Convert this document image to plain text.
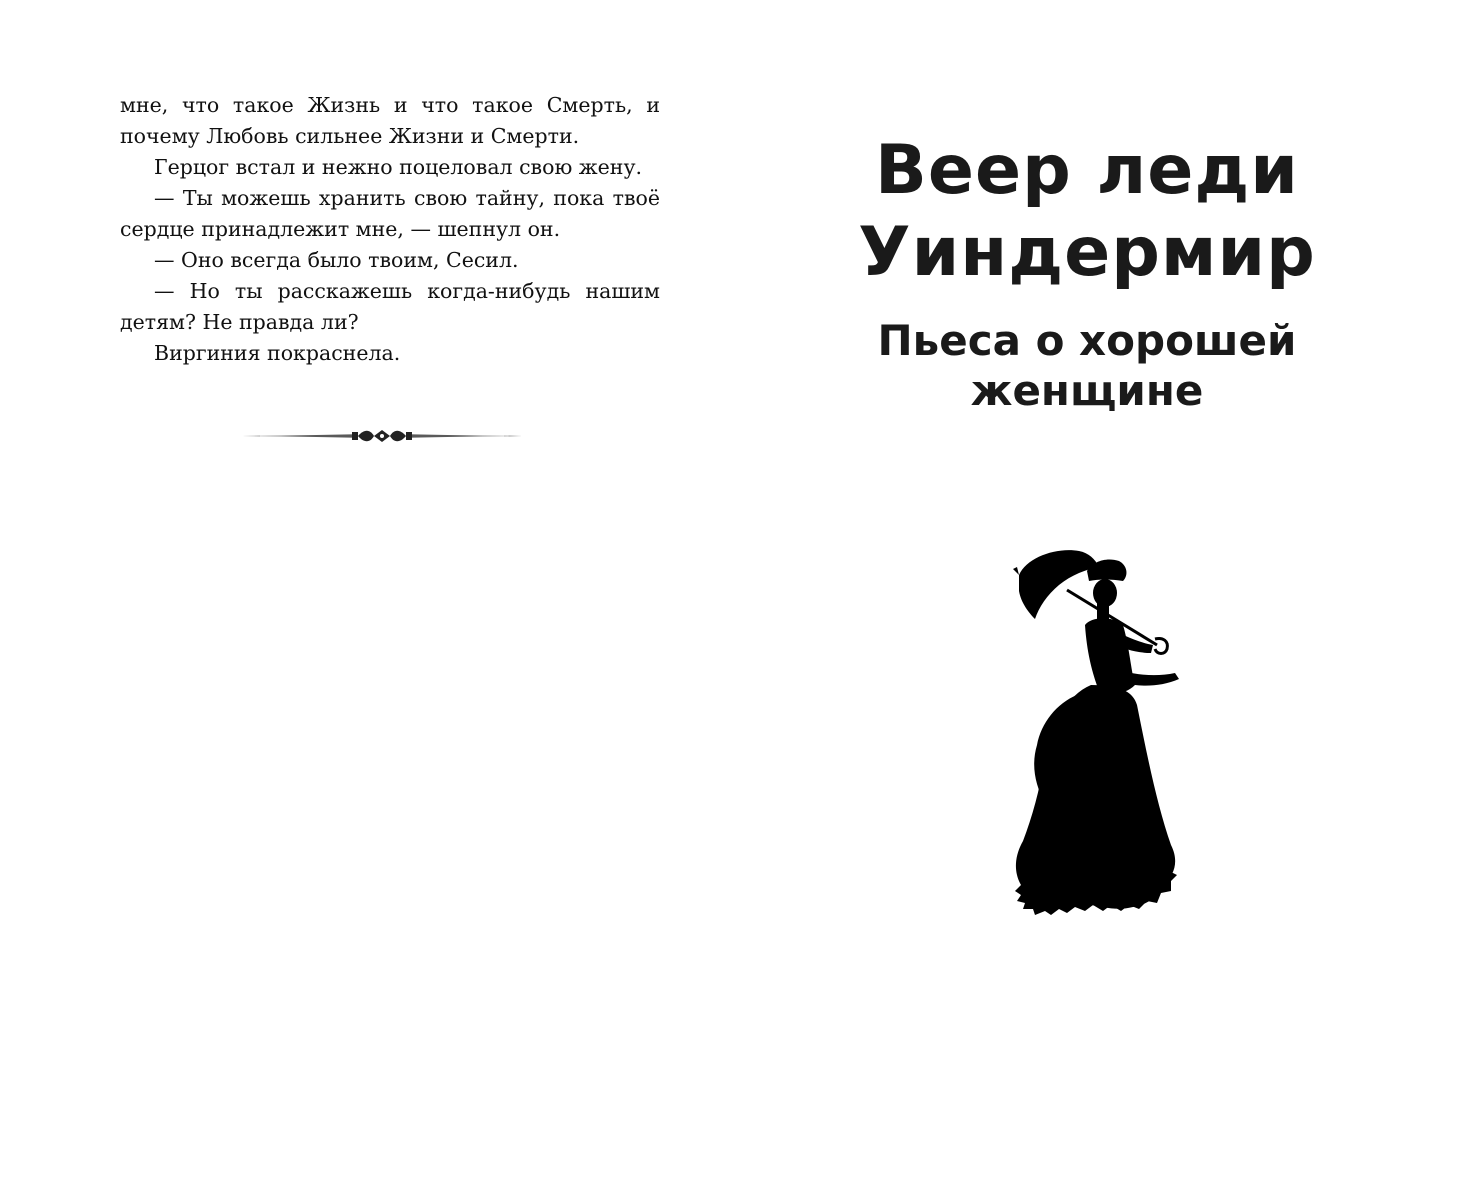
мне, что такое Жизнь и что такое Смерть, и почему Любовь сильнее Жизни и Смерти.

Герцог встал и нежно поцеловал свою жену.

— Ты можешь хранить свою тайну, пока твоё сердце принадлежит мне, — шепнул он.

— Оно всегда было твоим, Сесил.

— Но ты расскажешь когда-нибудь нашим детям? Не правда ли?

Виргиния покраснела.

Веер леди
Уиндермир
Пьеса о хорошей
женщине
